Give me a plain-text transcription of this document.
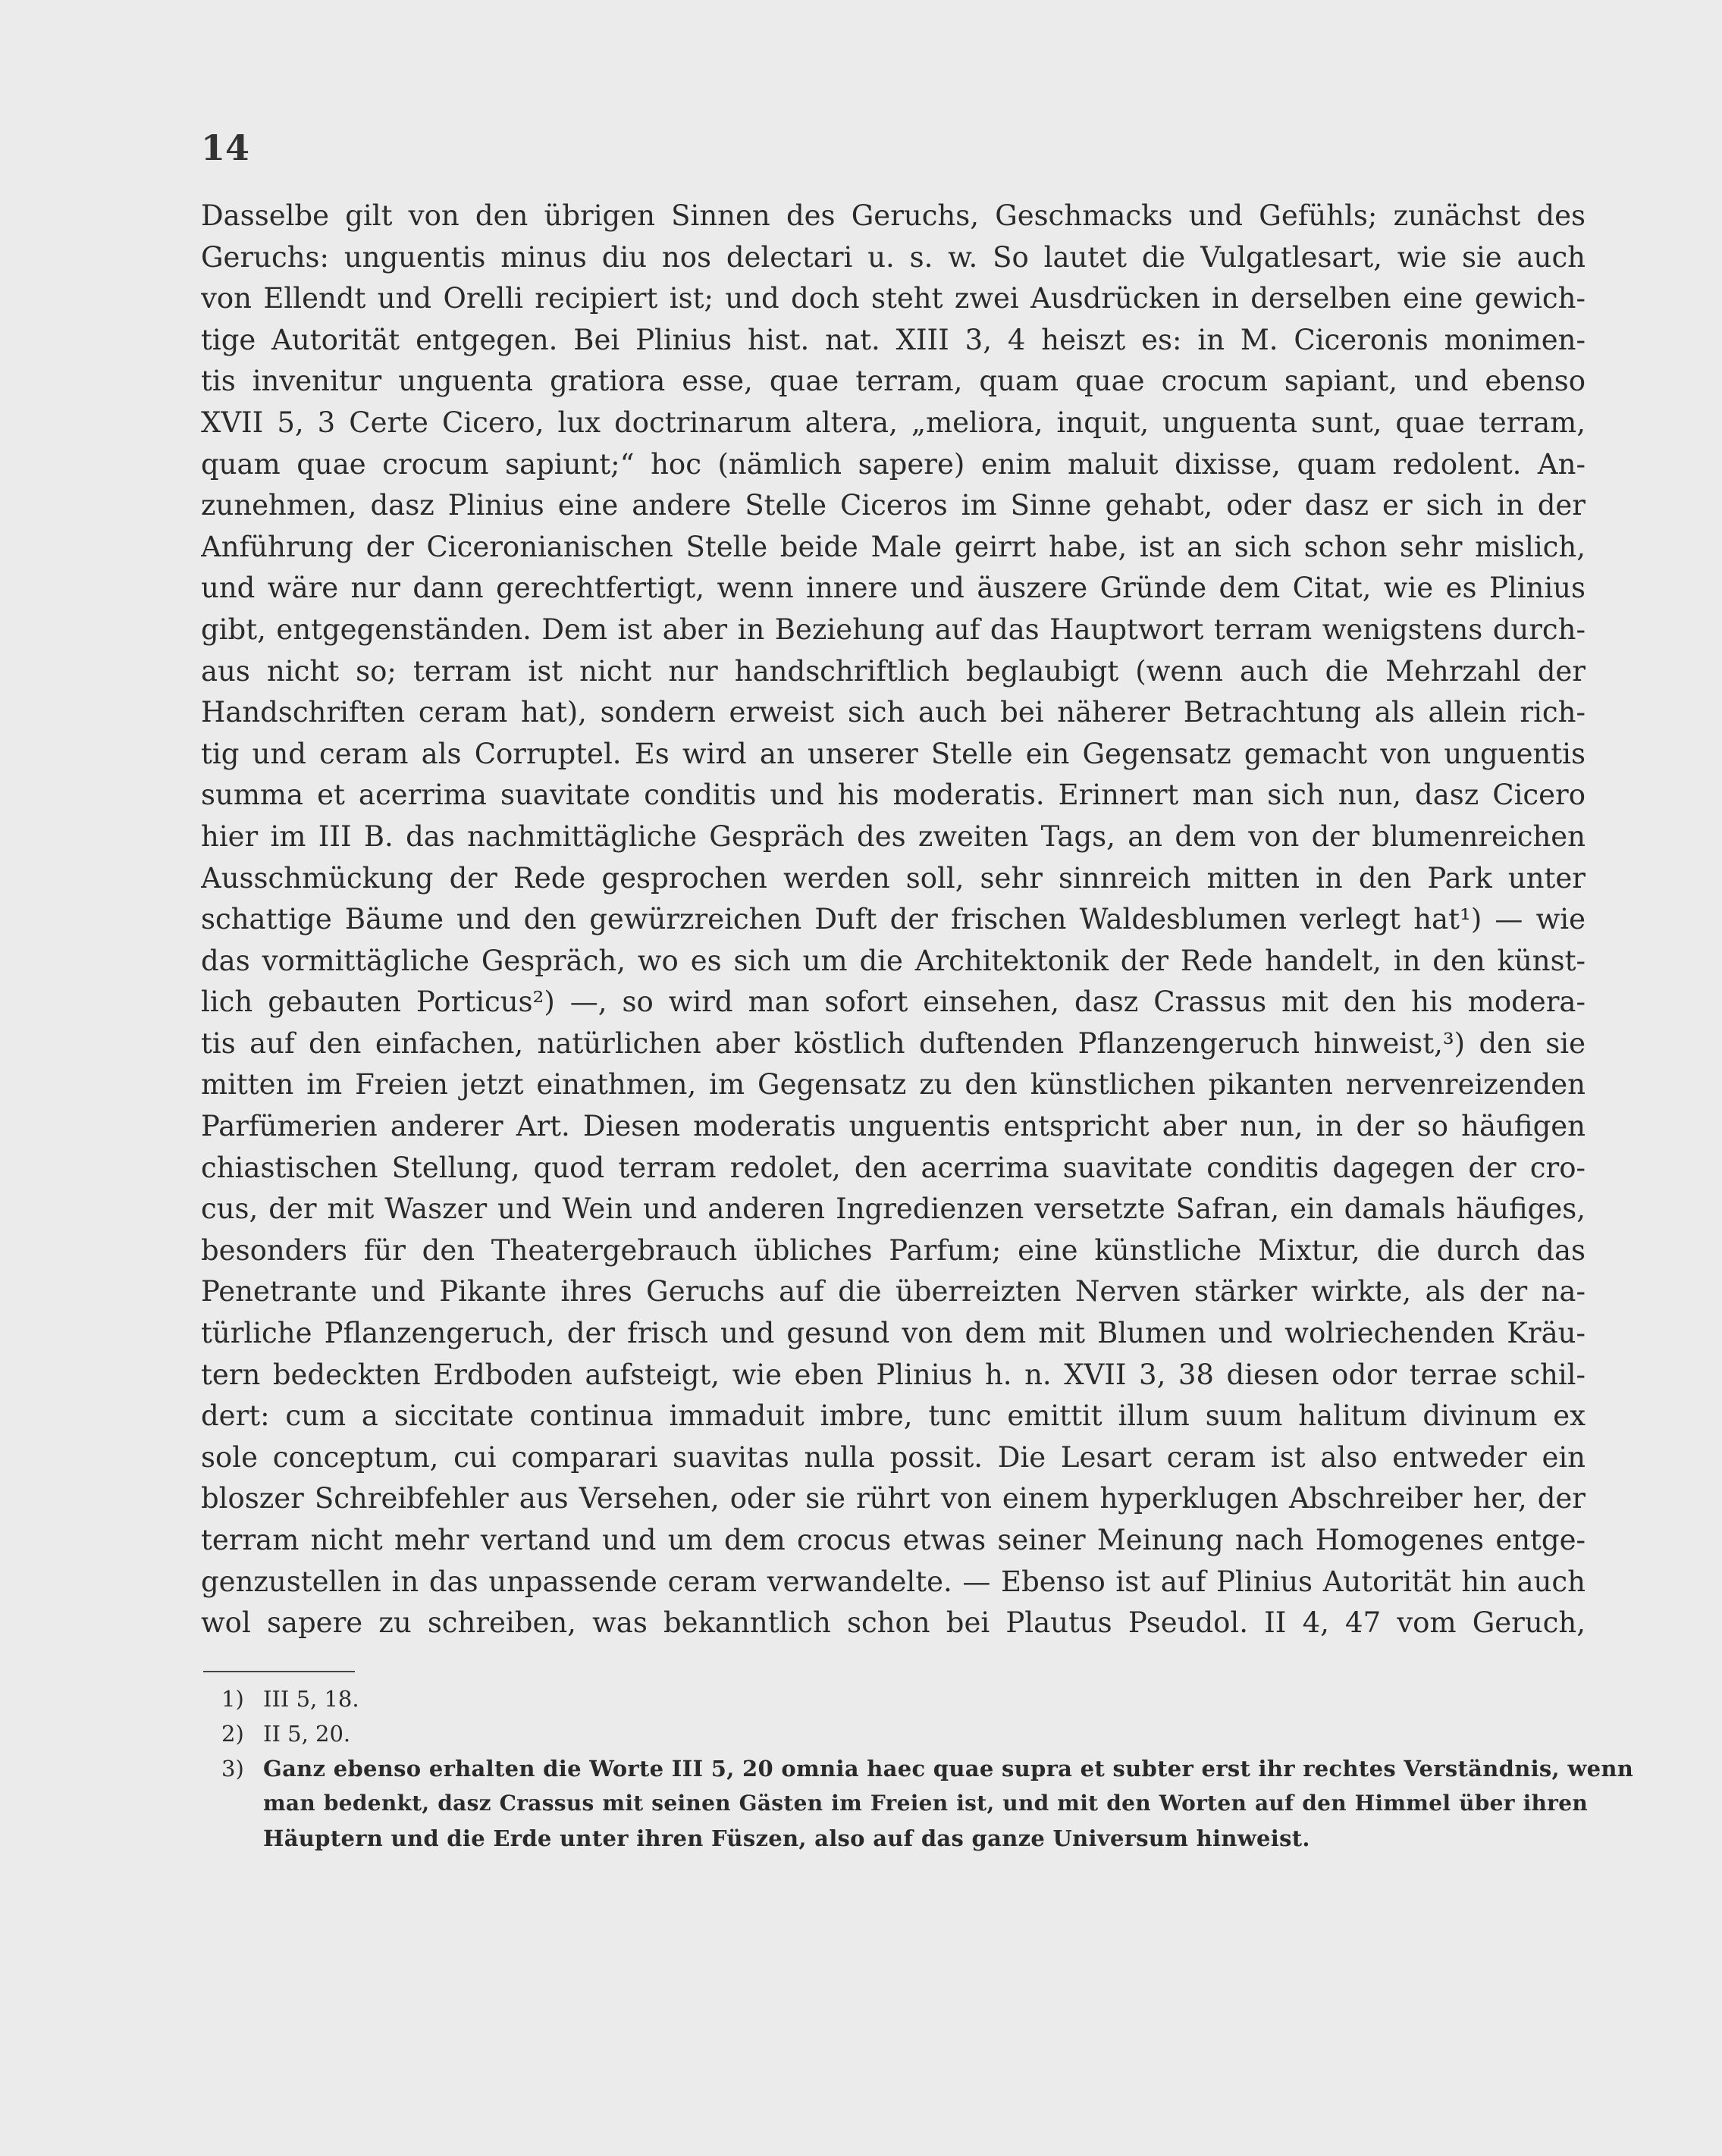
14
Dasselbe gilt von den übrigen Sinnen des Geruchs, Geschmacks und Gefühls; zunächst des
Geruchs: unguentis minus diu nos delectari u. s. w. So lautet die Vulgatlesart, wie sie auch
von Ellendt und Orelli recipiert ist; und doch steht zwei Ausdrücken in derselben eine gewich-
tige Autorität entgegen. Bei Plinius hist. nat. XIII 3, 4 heiszt es: in M. Ciceronis monimen-
tis invenitur unguenta gratiora esse, quae terram, quam quae crocum sapiant, und ebenso
XVII 5, 3 Certe Cicero, lux doctrinarum altera, „meliora, inquit, unguenta sunt, quae terram,
quam quae crocum sapiunt;“ hoc (nämlich sapere) enim maluit dixisse, quam redolent. An-
zunehmen, dasz Plinius eine andere Stelle Ciceros im Sinne gehabt, oder dasz er sich in der
Anführung der Ciceronianischen Stelle beide Male geirrt habe, ist an sich schon sehr mislich,
und wäre nur dann gerechtfertigt, wenn innere und äuszere Gründe dem Citat, wie es Plinius
gibt, entgegenständen. Dem ist aber in Beziehung auf das Hauptwort terram wenigstens durch-
aus nicht so; terram ist nicht nur handschriftlich beglaubigt (wenn auch die Mehrzahl der
Handschriften ceram hat), sondern erweist sich auch bei näherer Betrachtung als allein rich-
tig und ceram als Corruptel. Es wird an unserer Stelle ein Gegensatz gemacht von unguentis
summa et acerrima suavitate conditis und his moderatis. Erinnert man sich nun, dasz Cicero
hier im III B. das nachmittägliche Gespräch des zweiten Tags, an dem von der blumenreichen
Ausschmückung der Rede gesprochen werden soll, sehr sinnreich mitten in den Park unter
schattige Bäume und den gewürzreichen Duft der frischen Waldesblumen verlegt hat¹) — wie
das vormittägliche Gespräch, wo es sich um die Architektonik der Rede handelt, in den künst-
lich gebauten Porticus²) —, so wird man sofort einsehen, dasz Crassus mit den his modera-
tis auf den einfachen, natürlichen aber köstlich duftenden Pflanzengeruch hinweist,³) den sie
mitten im Freien jetzt einathmen, im Gegensatz zu den künstlichen pikanten nervenreizenden
Parfümerien anderer Art. Diesen moderatis unguentis entspricht aber nun, in der so häufigen
chiastischen Stellung, quod terram redolet, den acerrima suavitate conditis dagegen der cro-
cus, der mit Waszer und Wein und anderen Ingredienzen versetzte Safran, ein damals häufiges,
besonders für den Theatergebrauch übliches Parfum; eine künstliche Mixtur, die durch das
Penetrante und Pikante ihres Geruchs auf die überreizten Nerven stärker wirkte, als der na-
türliche Pflanzengeruch, der frisch und gesund von dem mit Blumen und wolriechenden Kräu-
tern bedeckten Erdboden aufsteigt, wie eben Plinius h. n. XVII 3, 38 diesen odor terrae schil-
dert: cum a siccitate continua immaduit imbre, tunc emittit illum suum halitum divinum ex
sole conceptum, cui comparari suavitas nulla possit. Die Lesart ceram ist also entweder ein
bloszer Schreibfehler aus Versehen, oder sie rührt von einem hyperklugen Abschreiber her, der
terram nicht mehr vertand und um dem crocus etwas seiner Meinung nach Homogenes entge-
genzustellen in das unpassende ceram verwandelte. — Ebenso ist auf Plinius Autorität hin auch
wol sapere zu schreiben, was bekanntlich schon bei Plautus Pseudol. II 4, 47 vom Geruch,
1) III 5, 18.
2) II 5, 20.
3) Ganz ebenso erhalten die Worte III 5, 20 omnia haec quae supra et subter erst ihr rechtes Verständnis, wenn
man bedenkt, dasz Crassus mit seinen Gästen im Freien ist, und mit den Worten auf den Himmel über ihren
Häuptern und die Erde unter ihren Füszen, also auf das ganze Universum hinweist.
